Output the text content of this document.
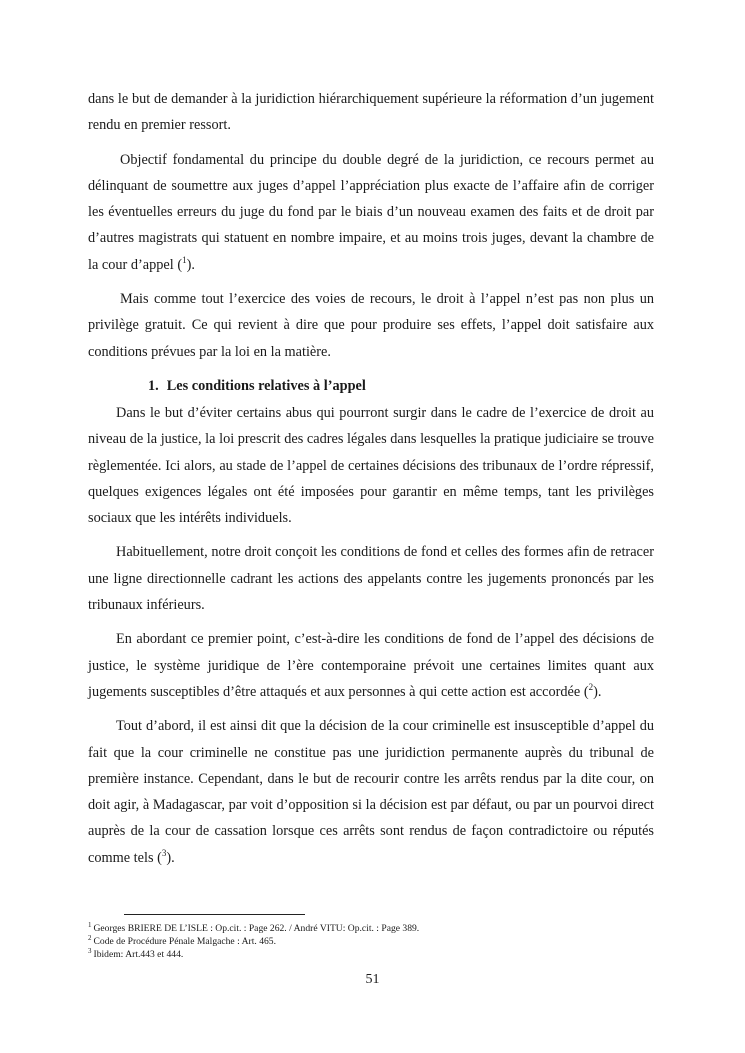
dans le but de demander à la juridiction hiérarchiquement supérieure la réformation d’un jugement rendu en premier ressort.

Objectif fondamental du principe du double degré de la juridiction, ce recours permet au délinquant de soumettre aux juges d’appel l’appréciation plus exacte de l’affaire afin de corriger les éventuelles erreurs du juge du fond par le biais d’un nouveau examen des faits et de droit par d’autres magistrats qui statuent en nombre impaire, et au moins trois juges, devant la chambre de la cour d’appel ($^1$).

Mais comme tout l’exercice des voies de recours, le droit à l’appel n’est pas non plus un privilège gratuit. Ce qui revient à dire que pour produire ses effets, l’appel doit satisfaire aux conditions prévues par la loi en la matière.

1. Les conditions relatives à l’appel

Dans le but d’éviter certains abus qui pourront surgir dans le cadre de l’exercice de droit au niveau de la justice, la loi prescrit des cadres légales dans lesquelles la pratique judiciaire se trouve règlementée. Ici alors, au stade de l’appel de certaines décisions des tribunaux de l’ordre répressif, quelques exigences légales ont été imposées pour garantir en même temps, tant les privilèges sociaux que les intérêts individuels.

Habituellement, notre droit conçoit les conditions de fond et celles des formes afin de retracer une ligne directionnelle cadrant les actions des appelants contre les jugements prononcés par les tribunaux inférieurs.

En abordant ce premier point, c’est-à-dire les conditions de fond de l’appel des décisions de justice, le système juridique de l’ère contemporaine prévoit une certaines limites quant aux jugements susceptibles d’être attaqués et aux personnes à qui cette action est accordée ($^2$).

Tout d’abord, il est ainsi dit que la décision de la cour criminelle est insusceptible d’appel du fait que la cour criminelle ne constitue pas une juridiction permanente auprès du tribunal de première instance. Cependant, dans le but de recourir contre les arrêts rendus par la dite cour, on doit agir, à Madagascar, par voit d’opposition si la décision est par défaut, ou par un pourvoi direct auprès de la cour de cassation lorsque ces arrêts sont rendus de façon contradictoire ou réputés comme tels ($^3$).

$^1$ Georges BRIERE DE L’ISLE : Op.cit. : Page 262. / André VITU: Op.cit. : Page 389.

$^2$ Code de Procédure Pénale Malgache : Art. 465.

$^3$ Ibidem: Art.443 et 444.

51
